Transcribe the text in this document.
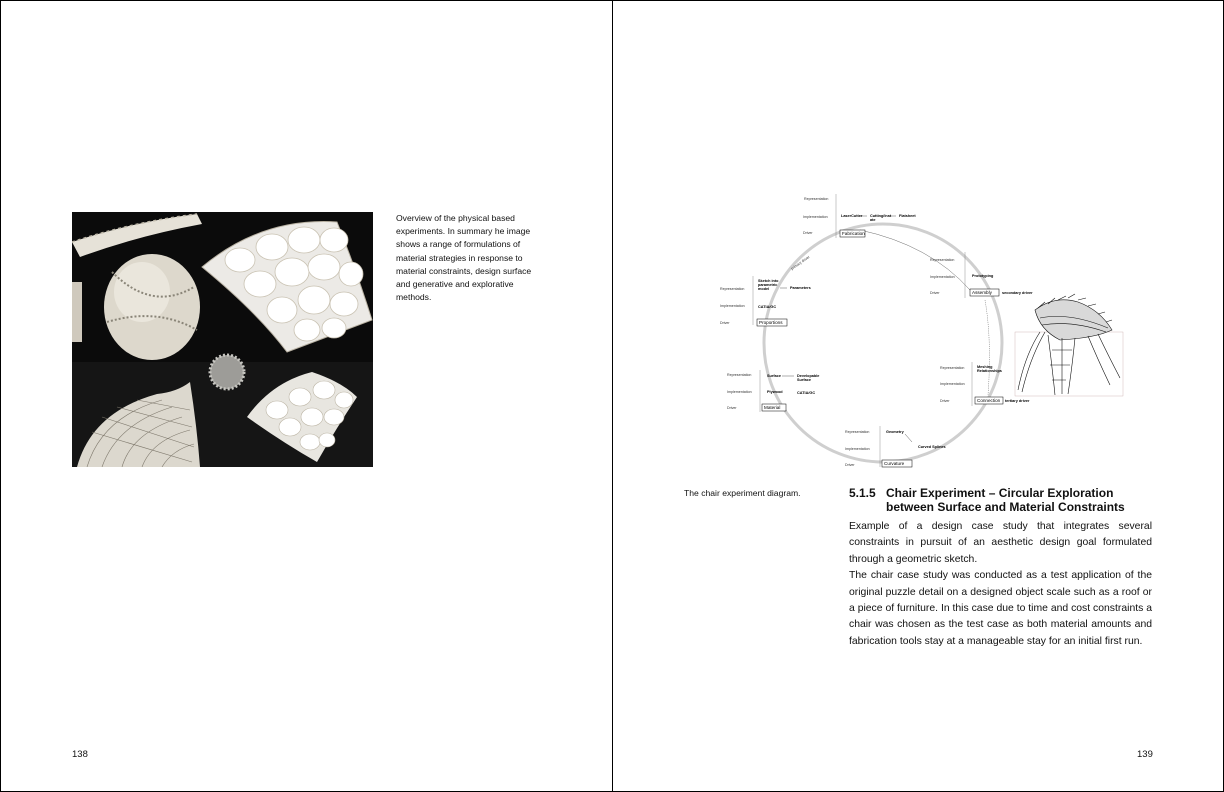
Overview of the physical based experiments. In summary he image shows a range of formulations of material strategies in response to material constraints, design surface and generative and explorative methods.
138
primary driver
Representation
Implementation
Driver
LaserCutter Cutting/Inst
ate
Flatsheet
Fabrication
Representation
Implementation
Driver
Prototyping
Assembly	secondary driver
Representation
Implementation
Driver
Sketch into
parametric
model	Parameters
CATIA/GC
Proportions
Representation
Implementation
Driver
Meshing
Relationships
Connection tertiary driver
Representation
Implementation
Driver
Surface	Developable
Surface
Plywood	CATIA/GC
Material
Representation
Implementation
Driver
Geometry
Curved Splines
Curvature
The chair experiment diagram.	5.1.5 Chair Experiment – Circular Exploration between Surface and Material Constraints

Example of a design case study that integrates several constraints in pursuit of an aesthetic design goal formulated through a geometric sketch.

The chair case study was conducted as a test application of the original puzzle detail on a designed object scale such as a roof or a piece of furniture. In this case due to time and cost constraints a chair was chosen as the test case as both material amounts and fabrication tools stay at a manageable stay for an initial first run.

139
